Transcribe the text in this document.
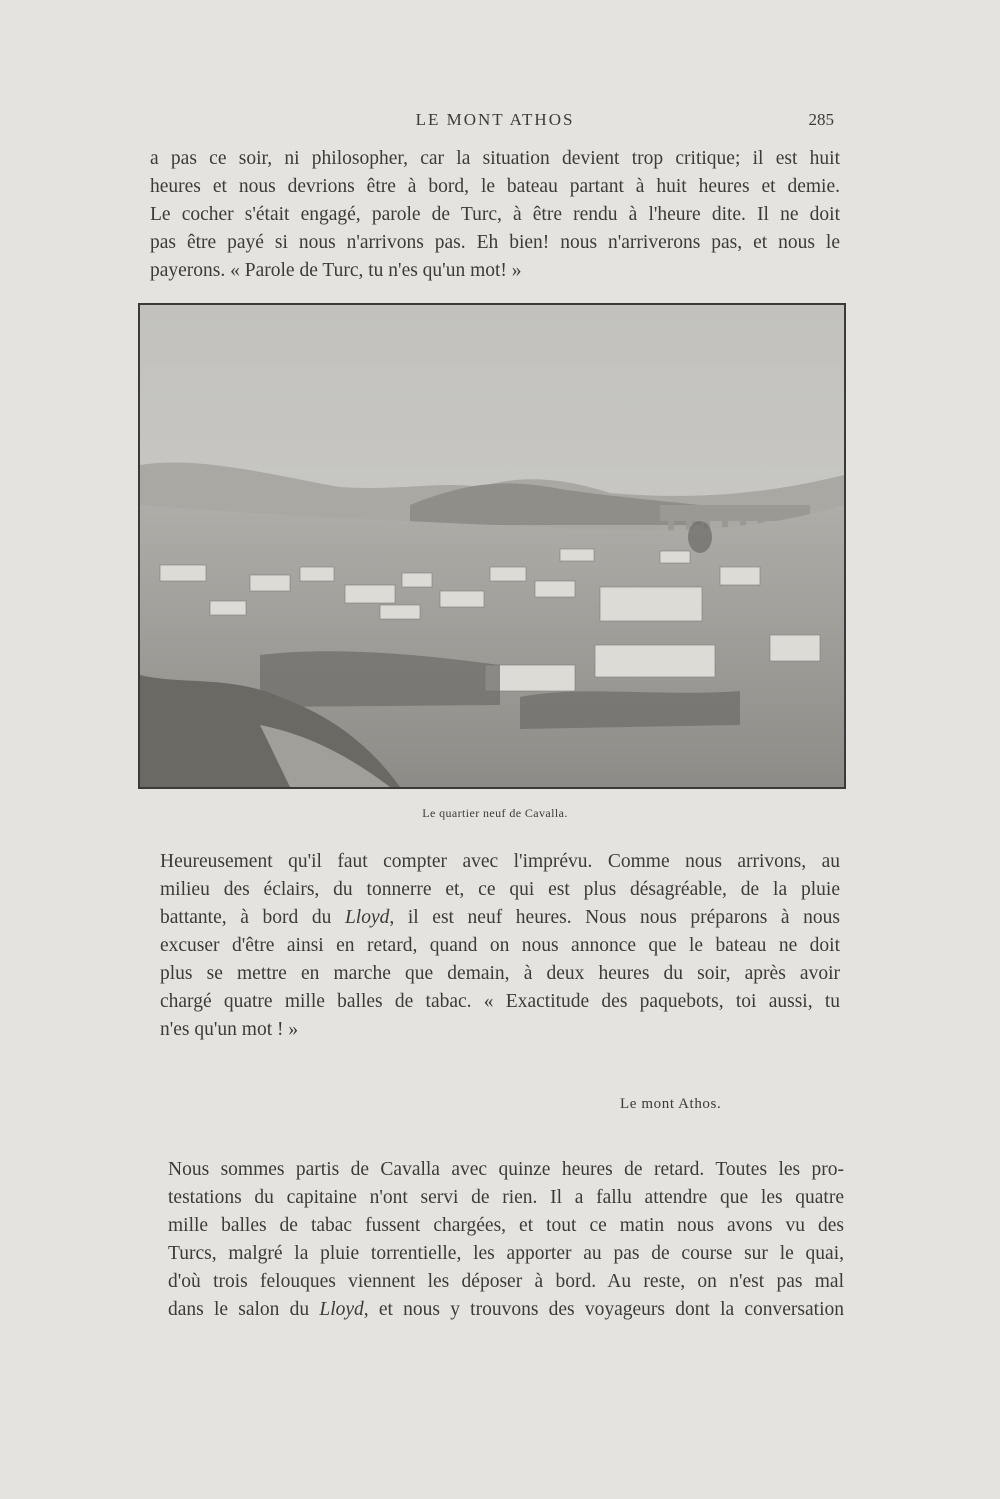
LE MONT ATHOS	285
a pas ce soir, ni philosopher, car la situation devient trop critique; il est huit
heures et nous devrions être à bord, le bateau partant à huit heures et demie.
Le cocher s'était engagé, parole de Turc, à être rendu à l'heure dite. Il ne doit
pas être payé si nous n'arrivons pas. Eh bien! nous n'arriverons pas, et nous le
payerons. « Parole de Turc, tu n'es qu'un mot! »
Le quartier neuf de Cavalla.
Heureusement qu'il faut compter avec l'imprévu. Comme nous arrivons, au
milieu des éclairs, du tonnerre et, ce qui est plus désagréable, de la pluie
battante, à bord du Lloyd, il est neuf heures. Nous nous préparons à nous
excuser d'être ainsi en retard, quand on nous annonce que le bateau ne doit
plus se mettre en marche que demain, à deux heures du soir, après avoir
chargé quatre mille balles de tabac. « Exactitude des paquebots, toi aussi, tu
n'es qu'un mot ! »
Le mont Athos.
Nous sommes partis de Cavalla avec quinze heures de retard. Toutes les pro-
testations du capitaine n'ont servi de rien. Il a fallu attendre que les quatre
mille balles de tabac fussent chargées, et tout ce matin nous avons vu des
Turcs, malgré la pluie torrentielle, les apporter au pas de course sur le quai,
d'où trois felouques viennent les déposer à bord. Au reste, on n'est pas mal
dans le salon du Lloyd, et nous y trouvons des voyageurs dont la conversation
